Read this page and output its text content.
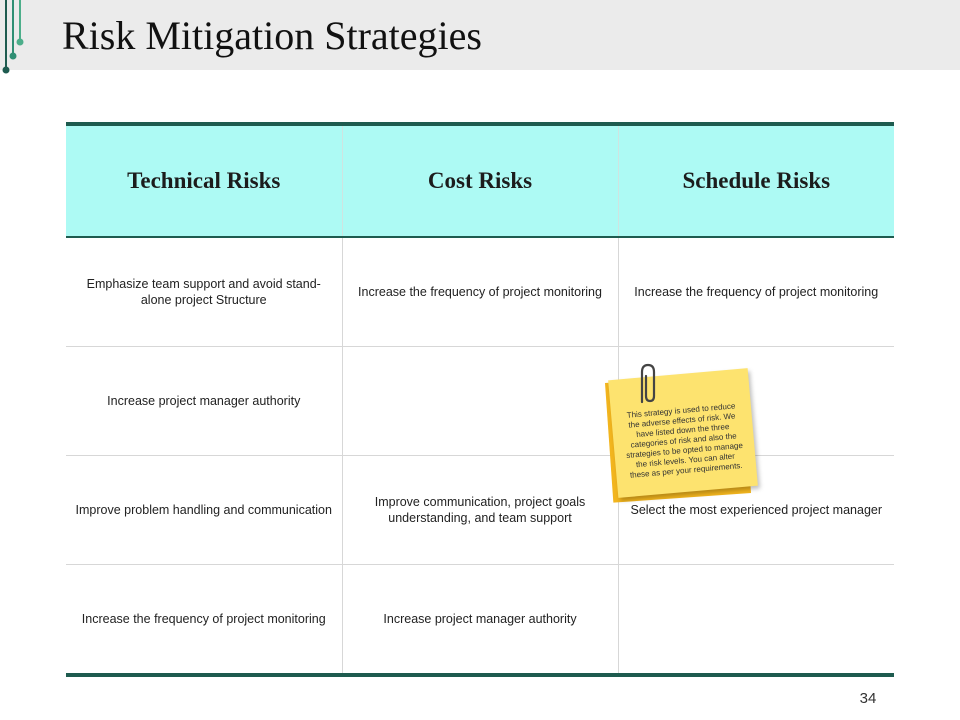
Risk Mitigation Strategies
Technical Risks	Cost Risks	Schedule Risks
Emphasize team support and avoid stand-alone project Structure	Increase the frequency of project monitoring	Increase the frequency of project monitoring
Increase project manager authority		
Improve problem handling and communication	Improve communication, project goals understanding, and team support	Select the most experienced project manager
Increase the frequency of project monitoring	Increase project manager authority	
This strategy is used to reduce the adverse effects of risk. We have listed down the three categories of risk and also the strategies to be opted to manage the risk levels. You can alter these as per your requirements.
34
